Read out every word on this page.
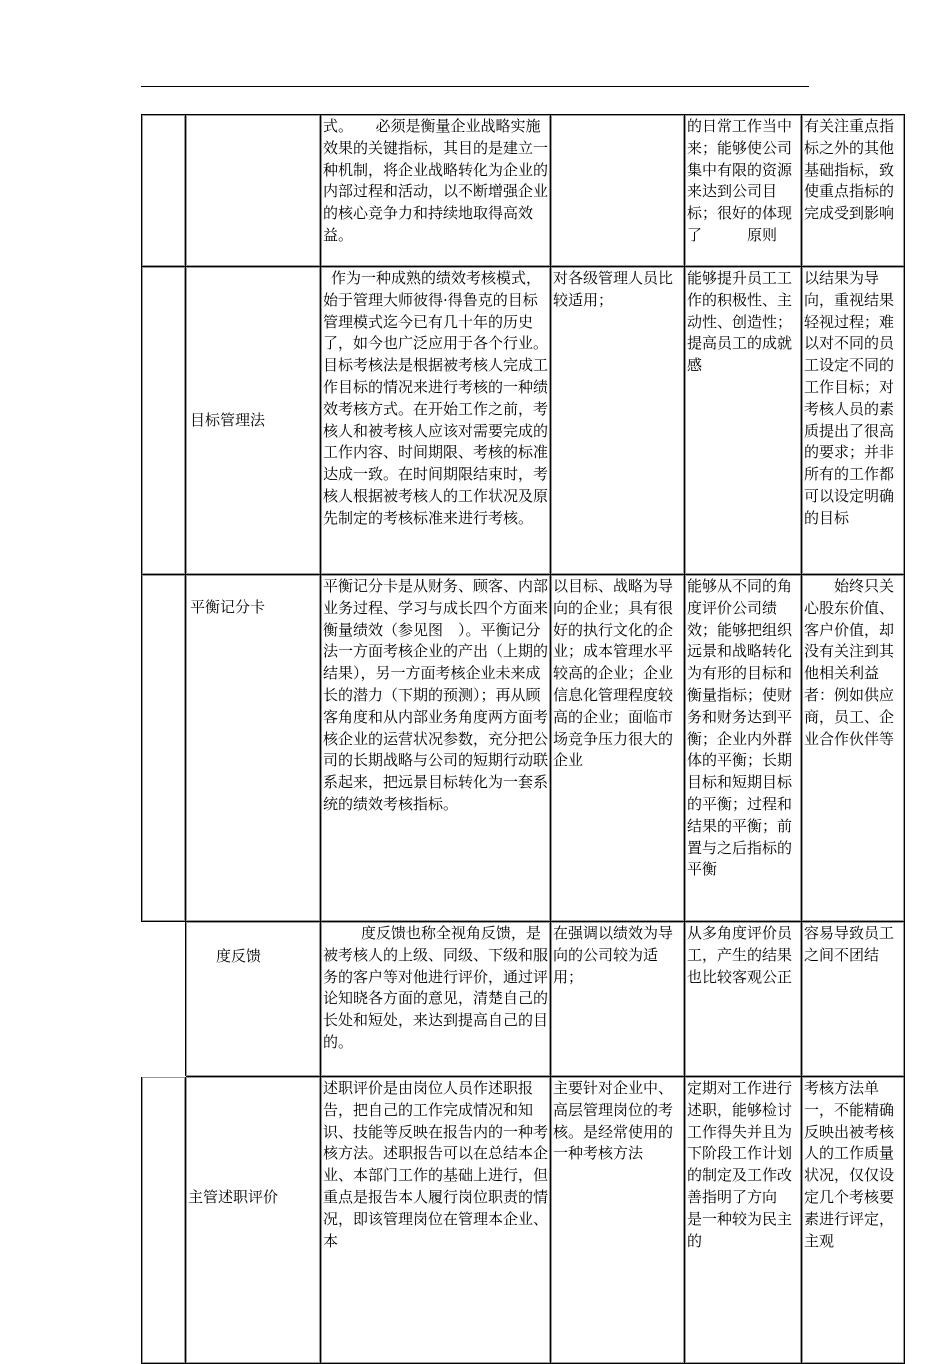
		式。　　必须是衡量企业战略实施效果的关键指标，其目的是建立一种机制，将企业战略转化为企业的内部过程和活动，以不断增强企业的核心竞争力和持续地取得高效益。		的日常工作当中来；能够使公司集中有限的资源来达到公司目标；很好的体现了　　　原则	有关注重点指标之外的其他基础指标，致使重点指标的完成受到影响
	目标管理法	作为一种成熟的绩效考核模式，始于管理大师彼得·得鲁克的目标管理模式迄今已有几十年的历史了，如今也广泛应用于各个行业。目标考核法是根据被考核人完成工作目标的情况来进行考核的一种绩效考核方式。在开始工作之前，考核人和被考核人应该对需要完成的工作内容、时间期限、考核的标准达成一致。在时间期限结束时，考核人根据被考核人的工作状况及原先制定的考核标准来进行考核。	对各级管理人员比较适用；	能够提升员工工作的积极性、主动性、创造性；提高员工的成就感	以结果为导向，重视结果轻视过程；难以对不同的员工设定不同的工作目标；对考核人员的素质提出了很高的要求；并非所有的工作都可以设定明确的目标
	平衡记分卡	平衡记分卡是从财务、顾客、内部业务过程、学习与成长四个方面来衡量绩效（参见图　）。平衡记分法一方面考核企业的产出（上期的结果），另一方面考核企业未来成长的潜力（下期的预测）；再从顾客角度和从内部业务角度两方面考核企业的运营状况参数，充分把公司的长期战略与公司的短期行动联系起来，把远景目标转化为一套系统的绩效考核指标。	以目标、战略为导向的企业；具有很好的执行文化的企业；成本管理水平较高的企业；企业信息化管理程度较高的企业；面临市场竞争压力很大的企业	能够从不同的角度评价公司绩效；能够把组织远景和战略转化为有形的目标和衡量指标；使财务和财务达到平衡；企业内外群体的平衡；长期目标和短期目标的平衡；过程和结果的平衡；前置与之后指标的平衡	始终只关心股东价值、客户价值，却没有关注到其他相关利益者：例如供应商，员工、企业合作伙伴等

	度反馈	度反馈也称全视角反馈，是被考核人的上级、同级、下级和服务的客户等对他进行评价，通过评论知晓各方面的意见，清楚自己的长处和短处，来达到提高自己的目的。	在强调以绩效为导向的公司较为适用；	从多角度评价员工，产生的结果也比较客观公正	容易导致员工之间不团结
	主管述职评价	述职评价是由岗位人员作述职报告，把自己的工作完成情况和知识、技能等反映在报告内的一种考核方法。述职报告可以在总结本企业、本部门工作的基础上进行，但重点是报告本人履行岗位职责的情况，即该管理岗位在管理本企业、本	主要针对企业中、高层管理岗位的考核。是经常使用的一种考核方法	定期对工作进行述职，能够检讨工作得失并且为下阶段工作计划的制定及工作改善指明了方向　是一种较为民主的	考核方法单一，不能精确反映出被考核人的工作质量状况，仅仅设定几个考核要素进行评定，主观
